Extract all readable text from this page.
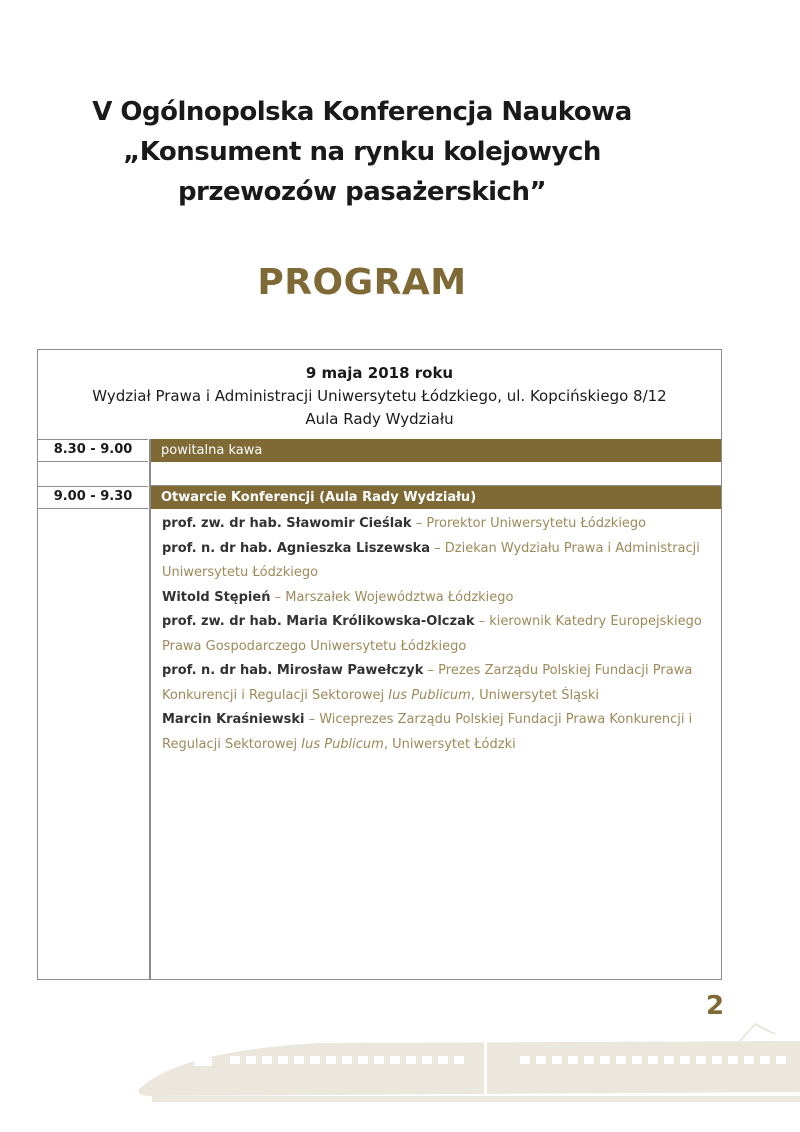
V Ogólnopolska Konferencja Naukowa
„Konsument na rynku kolejowych
przewozów pasażerskich”
PROGRAM
9 maja 2018 roku
Wydział Prawa i Administracji Uniwersytetu Łódzkiego, ul. Kopcińskiego 8/12
Aula Rady Wydziału
8.30 - 9.00	powitalna kawa
9.00 - 9.30	Otwarcie Konferencji (Aula Rady Wydziału)
prof. zw. dr hab. Sławomir Cieślak – Prorektor Uniwersytetu Łódzkiego
prof. n. dr hab. Agnieszka Liszewska – Dziekan Wydziału Prawa i Administracji Uniwersytetu Łódzkiego
Witold Stępień – Marszałek Województwa Łódzkiego
prof. zw. dr hab. Maria Królikowska-Olczak – kierownik Katedry Europejskiego Prawa Gospodarczego Uniwersytetu Łódzkiego
prof. n. dr hab. Mirosław Pawełczyk – Prezes Zarządu Polskiej Fundacji Prawa Konkurencji i Regulacji Sektorowej Ius Publicum, Uniwersytet Śląski
Marcin Kraśniewski – Wiceprezes Zarządu Polskiej Fundacji Prawa Konkurencji i Regulacji Sektorowej Ius Publicum, Uniwersytet Łódzki
2
